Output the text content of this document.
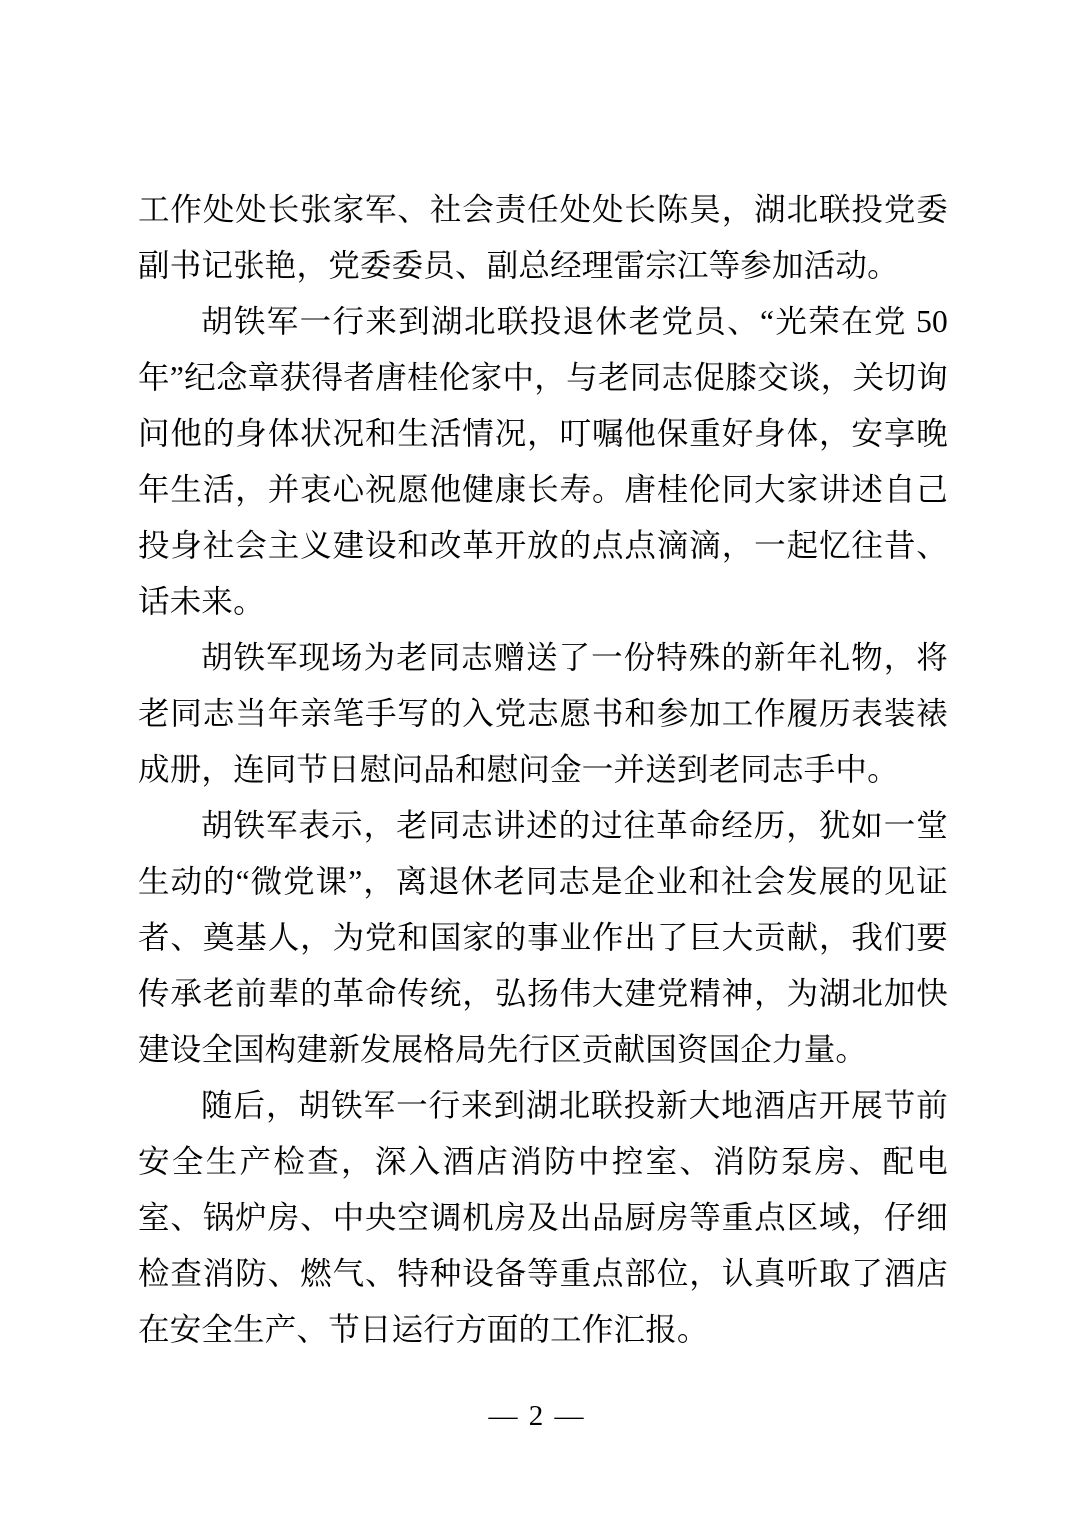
工作处处长张家军、社会责任处处长陈昊，湖北联投党委副书记张艳，党委委员、副总经理雷宗江等参加活动。

胡铁军一行来到湖北联投退休老党员、“光荣在党 50 年”纪念章获得者唐桂伦家中，与老同志促膝交谈，关切询问他的身体状况和生活情况，叮嘱他保重好身体，安享晚年生活，并衷心祝愿他健康长寿。唐桂伦同大家讲述自己投身社会主义建设和改革开放的点点滴滴，一起忆往昔、话未来。

胡铁军现场为老同志赠送了一份特殊的新年礼物，将老同志当年亲笔手写的入党志愿书和参加工作履历表装裱成册，连同节日慰问品和慰问金一并送到老同志手中。

胡铁军表示，老同志讲述的过往革命经历，犹如一堂生动的“微党课”，离退休老同志是企业和社会发展的见证者、奠基人，为党和国家的事业作出了巨大贡献，我们要传承老前辈的革命传统，弘扬伟大建党精神，为湖北加快建设全国构建新发展格局先行区贡献国资国企力量。

随后，胡铁军一行来到湖北联投新大地酒店开展节前安全生产检查，深入酒店消防中控室、消防泵房、配电室、锅炉房、中央空调机房及出品厨房等重点区域，仔细检查消防、燃气、特种设备等重点部位，认真听取了酒店在安全生产、节日运行方面的工作汇报。

— 2 —
